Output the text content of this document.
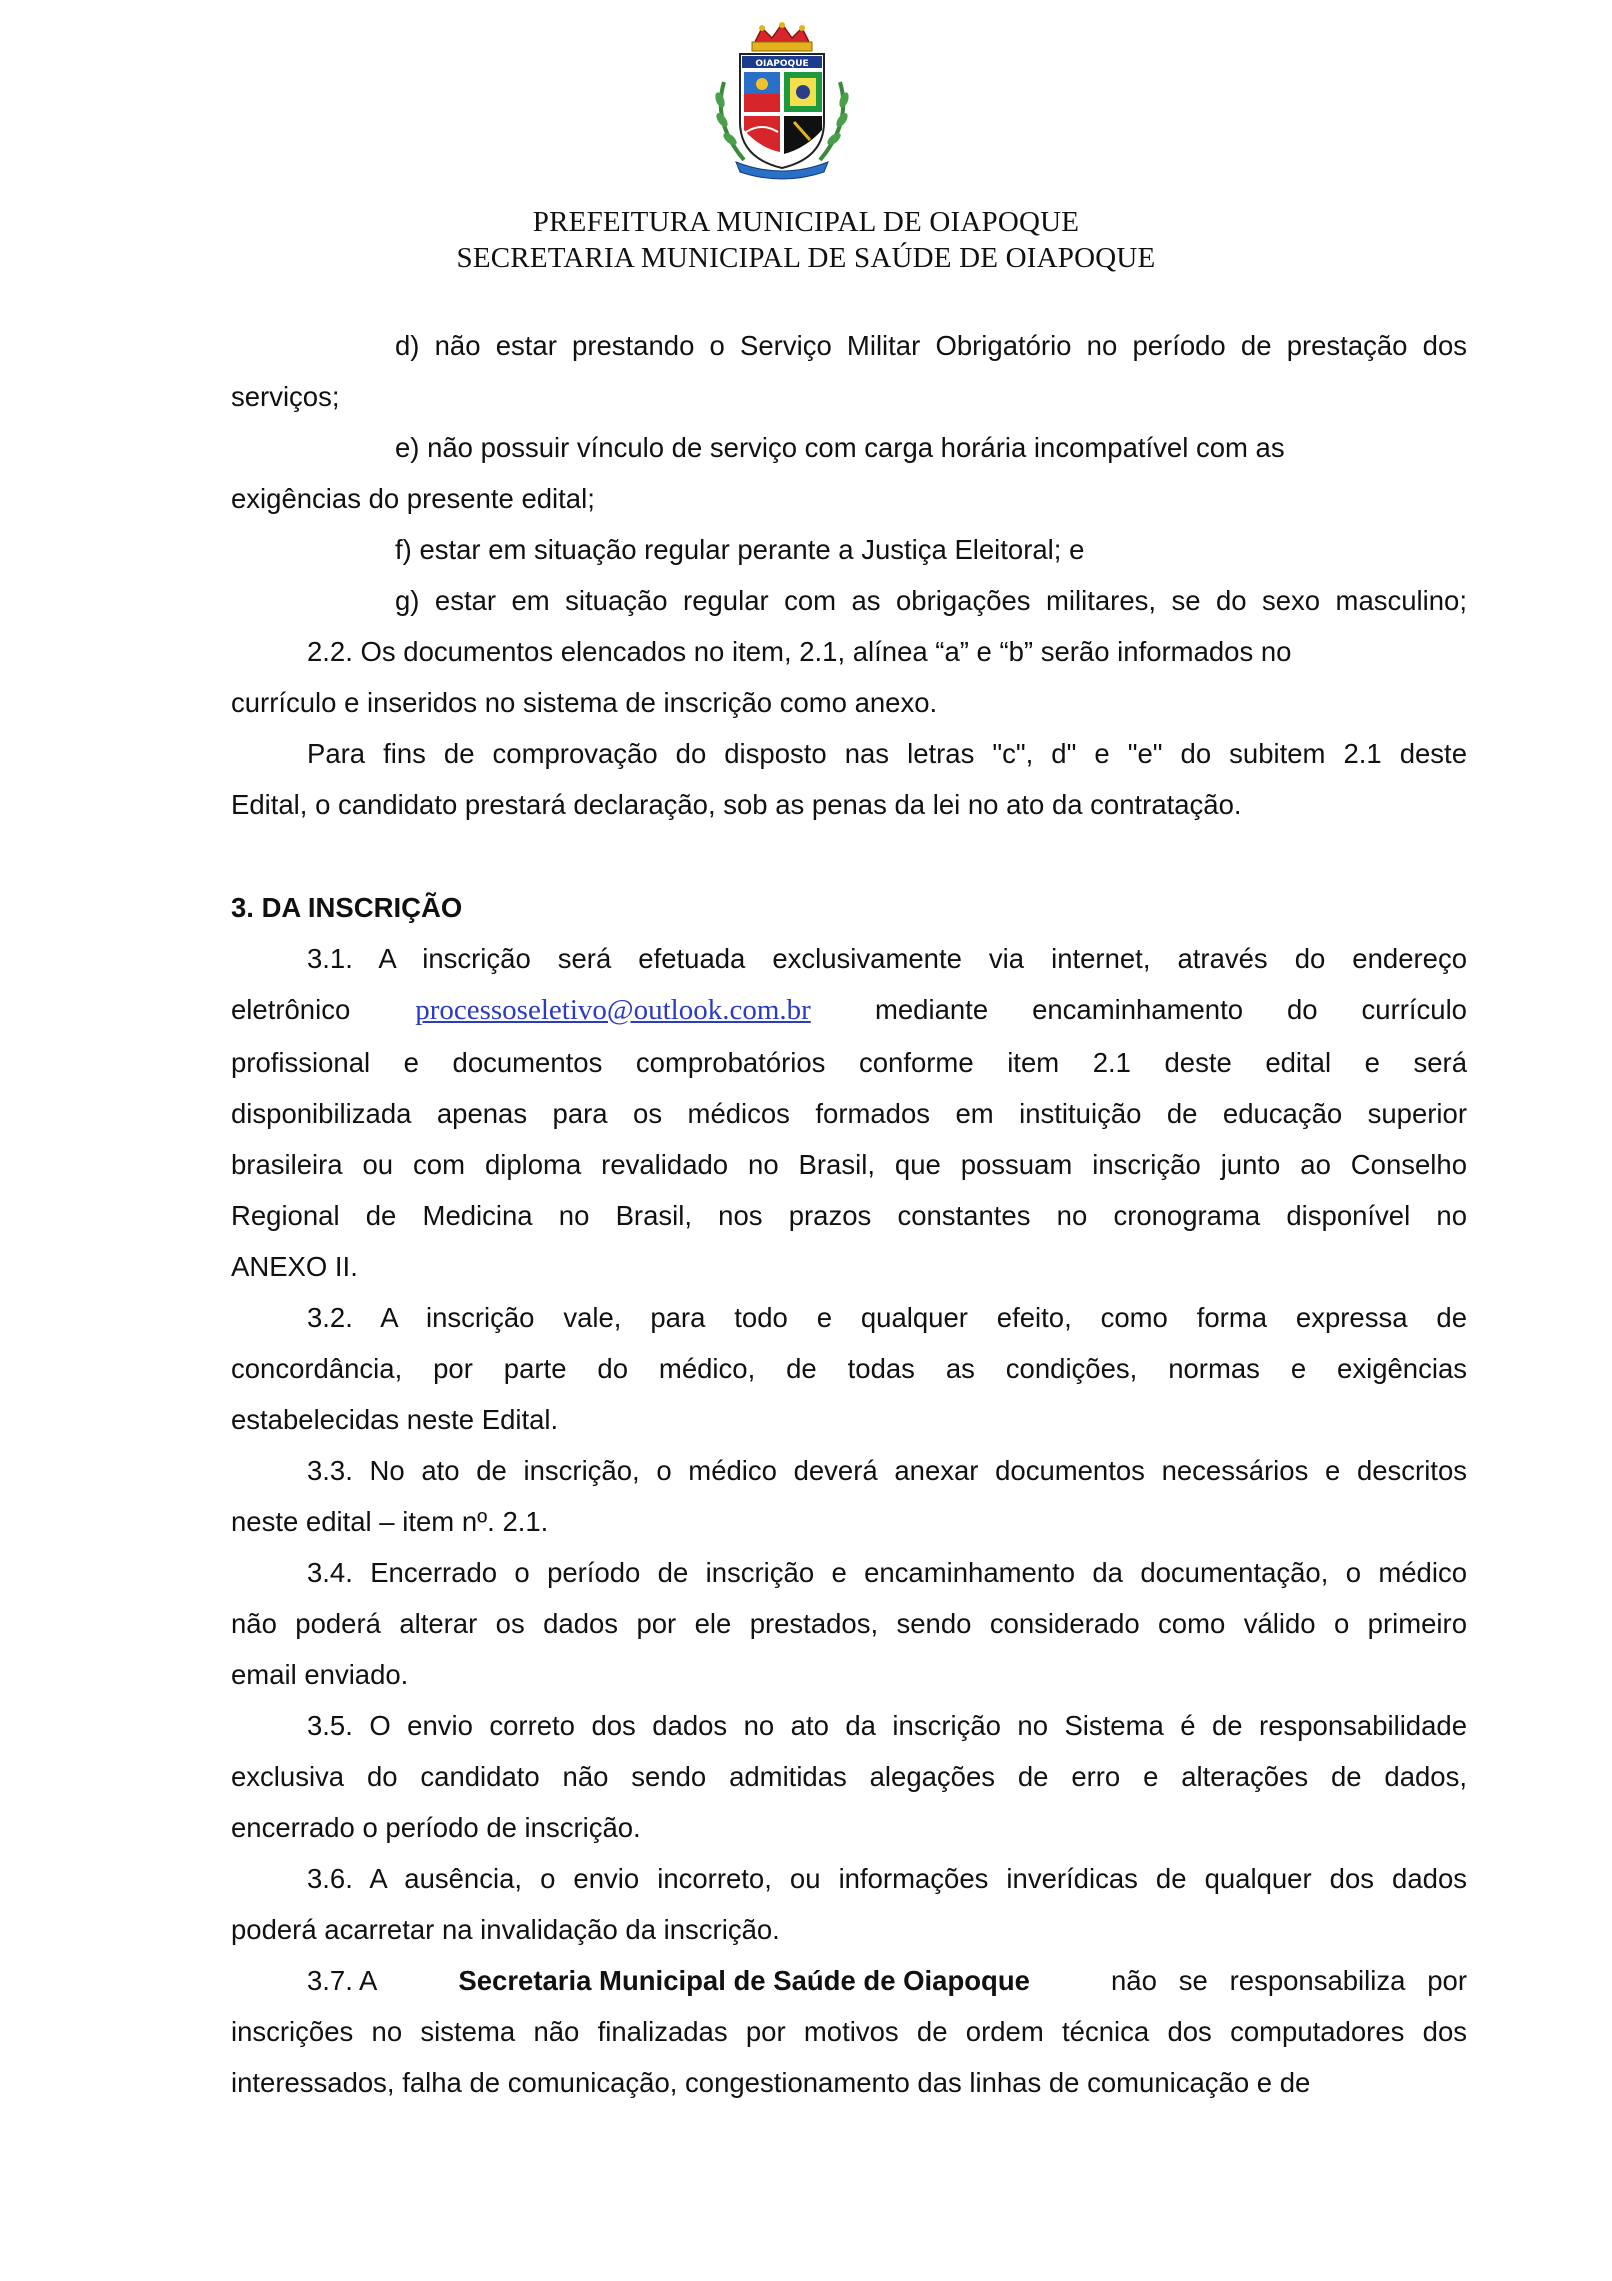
OIAPOQUE
PREFEITURA MUNICIPAL DE OIAPOQUE
SECRETARIA MUNICIPAL DE SAÚDE DE OIAPOQUE
d) não estar prestando o Serviço Militar Obrigatório no período de prestação dos
serviços;
e) não possuir vínculo de serviço com carga horária incompatível com as
exigências do presente edital;
f) estar em situação regular perante a Justiça Eleitoral; e
g) estar em situação regular com as obrigações militares, se do sexo masculino;
2.2. Os documentos elencados no item, 2.1, alínea “a” e “b” serão informados no
currículo e inseridos no sistema de inscrição como anexo.
Para fins de comprovação do disposto nas letras "c", d" e "e" do subitem 2.1 deste
Edital, o candidato prestará declaração, sob as penas da lei no ato da contratação.
3. DA INSCRIÇÃO
3.1. A inscrição será efetuada exclusivamente via internet, através do endereço
eletrônico processoseletivo@outlook.com.br mediante encaminhamento do currículo
profissional e documentos comprobatórios conforme item 2.1 deste edital e será
disponibilizada apenas para os médicos formados em instituição de educação superior
brasileira ou com diploma revalidado no Brasil, que possuam inscrição junto ao Conselho
Regional de Medicina no Brasil, nos prazos constantes no cronograma disponível no
ANEXO II.
3.2. A inscrição vale, para todo e qualquer efeito, como forma expressa de
concordância, por parte do médico, de todas as condições, normas e exigências
estabelecidas neste Edital.
3.3. No ato de inscrição, o médico deverá anexar documentos necessários e descritos
neste edital – item nº. 2.1.
3.4. Encerrado o período de inscrição e encaminhamento da documentação, o médico
não poderá alterar os dados por ele prestados, sendo considerado como válido o primeiro
email enviado.
3.5. O envio correto dos dados no ato da inscrição no Sistema é de responsabilidade
exclusiva do candidato não sendo admitidas alegações de erro e alterações de dados,
encerrado o período de inscrição.
3.6. A ausência, o envio incorreto, ou informações inverídicas de qualquer dos dados
poderá acarretar na invalidação da inscrição.
3.7. A	Secretaria Municipal de Saúde de Oiapoque	não se responsabiliza por
inscrições no sistema não finalizadas por motivos de ordem técnica dos computadores dos
interessados, falha de comunicação, congestionamento das linhas de comunicação e de
